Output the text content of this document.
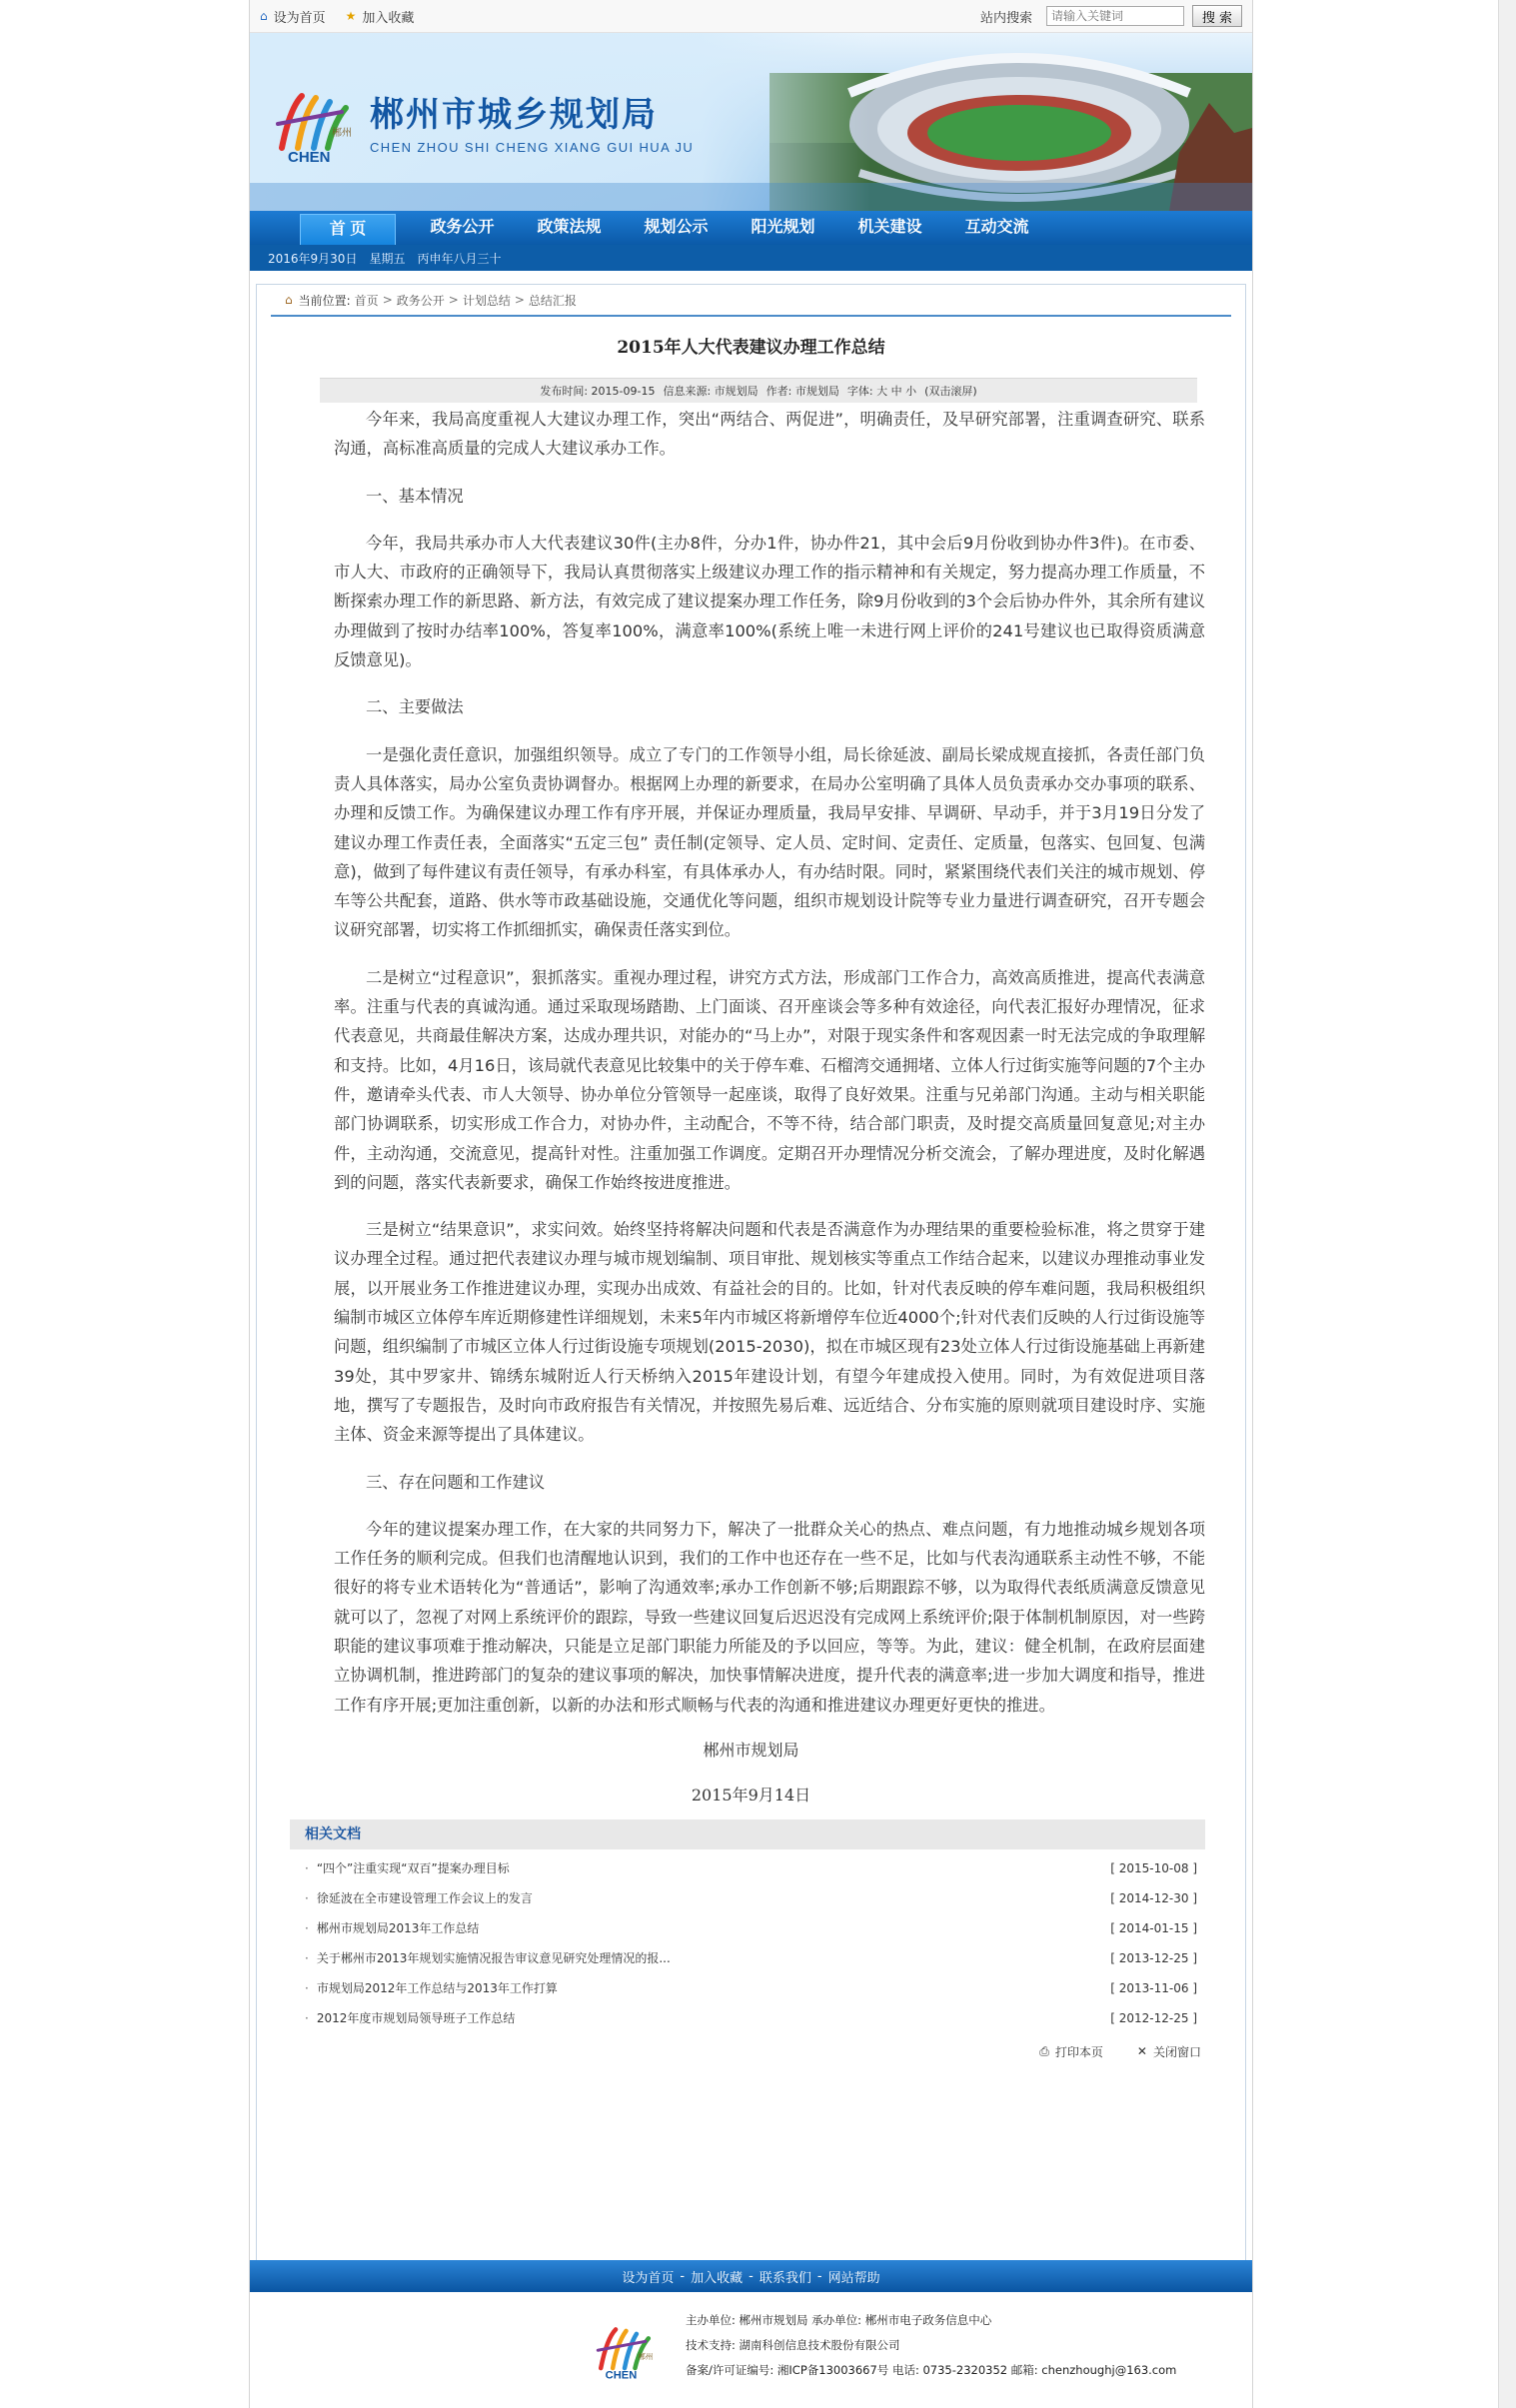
⌂ 设为首页 ★ 加入收藏	站内搜索
请输入关键词	搜 索
郴州
CHEN
郴州市城乡规划局
CHEN ZHOU SHI CHENG XIANG GUI HUA JU
首 页	政务公开	政策法规	规划公示	阳光规划	机关建设	互动交流
2016年9月30日 星期五 丙申年八月三十
⌂ 当前位置: 首页 > 政务公开 > 计划总结 > 总结汇报
2015年人大代表建议办理工作总结
发布时间: 2015-09-15 信息来源: 市规划局 作者: 市规划局 字体: 大 中 小 (双击滚屏)

今年来，我局高度重视人大建议办理工作，突出“两结合、两促进”，明确责任，及早研究部署，注重调查研究、联系沟通，高标准高质量的完成人大建议承办工作。

一、基本情况

今年，我局共承办市人大代表建议30件(主办8件，分办1件，协办件21，其中会后9月份收到协办件3件)。在市委、市人大、市政府的正确领导下，我局认真贯彻落实上级建议办理工作的指示精神和有关规定，努力提高办理工作质量，不断探索办理工作的新思路、新方法，有效完成了建议提案办理工作任务，除9月份收到的3个会后协办件外，其余所有建议办理做到了按时办结率100%，答复率100%，满意率100%(系统上唯一未进行网上评价的241号建议也已取得资质满意反馈意见)。

二、主要做法

一是强化责任意识，加强组织领导。成立了专门的工作领导小组，局长徐延波、副局长梁成规直接抓，各责任部门负责人具体落实，局办公室负责协调督办。根据网上办理的新要求，在局办公室明确了具体人员负责承办交办事项的联系、办理和反馈工作。为确保建议办理工作有序开展，并保证办理质量，我局早安排、早调研、早动手，并于3月19日分发了建议办理工作责任表，全面落实“五定三包” 责任制(定领导、定人员、定时间、定责任、定质量，包落实、包回复、包满意)，做到了每件建议有责任领导，有承办科室，有具体承办人，有办结时限。同时，紧紧围绕代表们关注的城市规划、停车等公共配套，道路、供水等市政基础设施，交通优化等问题，组织市规划设计院等专业力量进行调查研究，召开专题会议研究部署，切实将工作抓细抓实，确保责任落实到位。

二是树立“过程意识”，狠抓落实。重视办理过程，讲究方式方法，形成部门工作合力，高效高质推进，提高代表满意率。注重与代表的真诚沟通。通过采取现场踏勘、上门面谈、召开座谈会等多种有效途径，向代表汇报好办理情况，征求代表意见，共商最佳解决方案，达成办理共识，对能办的“马上办”，对限于现实条件和客观因素一时无法完成的争取理解和支持。比如，4月16日，该局就代表意见比较集中的关于停车难、石榴湾交通拥堵、立体人行过街实施等问题的7个主办件，邀请牵头代表、市人大领导、协办单位分管领导一起座谈，取得了良好效果。注重与兄弟部门沟通。主动与相关职能部门协调联系，切实形成工作合力，对协办件，主动配合，不等不待，结合部门职责，及时提交高质量回复意见;对主办件，主动沟通，交流意见，提高针对性。注重加强工作调度。定期召开办理情况分析交流会，了解办理进度，及时化解遇到的问题，落实代表新要求，确保工作始终按进度推进。

三是树立“结果意识”，求实问效。始终坚持将解决问题和代表是否满意作为办理结果的重要检验标准，将之贯穿于建议办理全过程。通过把代表建议办理与城市规划编制、项目审批、规划核实等重点工作结合起来，以建议办理推动事业发展，以开展业务工作推进建议办理，实现办出成效、有益社会的目的。比如，针对代表反映的停车难问题，我局积极组织编制市城区立体停车库近期修建性详细规划，未来5年内市城区将新增停车位近4000个;针对代表们反映的人行过街设施等问题，组织编制了市城区立体人行过街设施专项规划(2015-2030)，拟在市城区现有23处立体人行过街设施基础上再新建39处，其中罗家井、锦绣东城附近人行天桥纳入2015年建设计划，有望今年建成投入使用。同时，为有效促进项目落地，撰写了专题报告，及时向市政府报告有关情况，并按照先易后难、远近结合、分布实施的原则就项目建设时序、实施主体、资金来源等提出了具体建议。

三、存在问题和工作建议

今年的建议提案办理工作，在大家的共同努力下，解决了一批群众关心的热点、难点问题，有力地推动城乡规划各项工作任务的顺利完成。但我们也清醒地认识到，我们的工作中也还存在一些不足，比如与代表沟通联系主动性不够，不能很好的将专业术语转化为“普通话”，影响了沟通效率;承办工作创新不够;后期跟踪不够，以为取得代表纸质满意反馈意见就可以了，忽视了对网上系统评价的跟踪，导致一些建议回复后迟迟没有完成网上系统评价;限于体制机制原因，对一些跨职能的建议事项难于推动解决，只能是立足部门职能力所能及的予以回应，等等。为此，建议：健全机制，在政府层面建立协调机制，推进跨部门的复杂的建议事项的解决，加快事情解决进度，提升代表的满意率;进一步加大调度和指导，推进工作有序开展;更加注重创新，以新的办法和形式顺畅与代表的沟通和推进建议办理更好更快的推进。

郴州市规划局
2015年9月14日
相关文档
· “四个”注重实现“双百”提案办理目标	[ 2015-10-08 ]
· 徐延波在全市建设管理工作会议上的发言	[ 2014-12-30 ]
· 郴州市规划局2013年工作总结	[ 2014-01-15 ]
· 关于郴州市2013年规划实施情况报告审议意见研究处理情况的报...	[ 2013-12-25 ]
· 市规划局2012年工作总结与2013年工作打算	[ 2013-11-06 ]
· 2012年度市规划局领导班子工作总结	[ 2012-12-25 ]
⎙ 打印本页	✕ 关闭窗口
设为首页 - 加入收藏 - 联系我们 - 网站帮助
郴州
CHEN
主办单位: 郴州市规划局 承办单位: 郴州市电子政务信息中心
技术支持: 湖南科创信息技术股份有限公司
备案/许可证编号: 湘ICP备13003667号 电话: 0735-2320352 邮箱: chenzhoughj@163.com
